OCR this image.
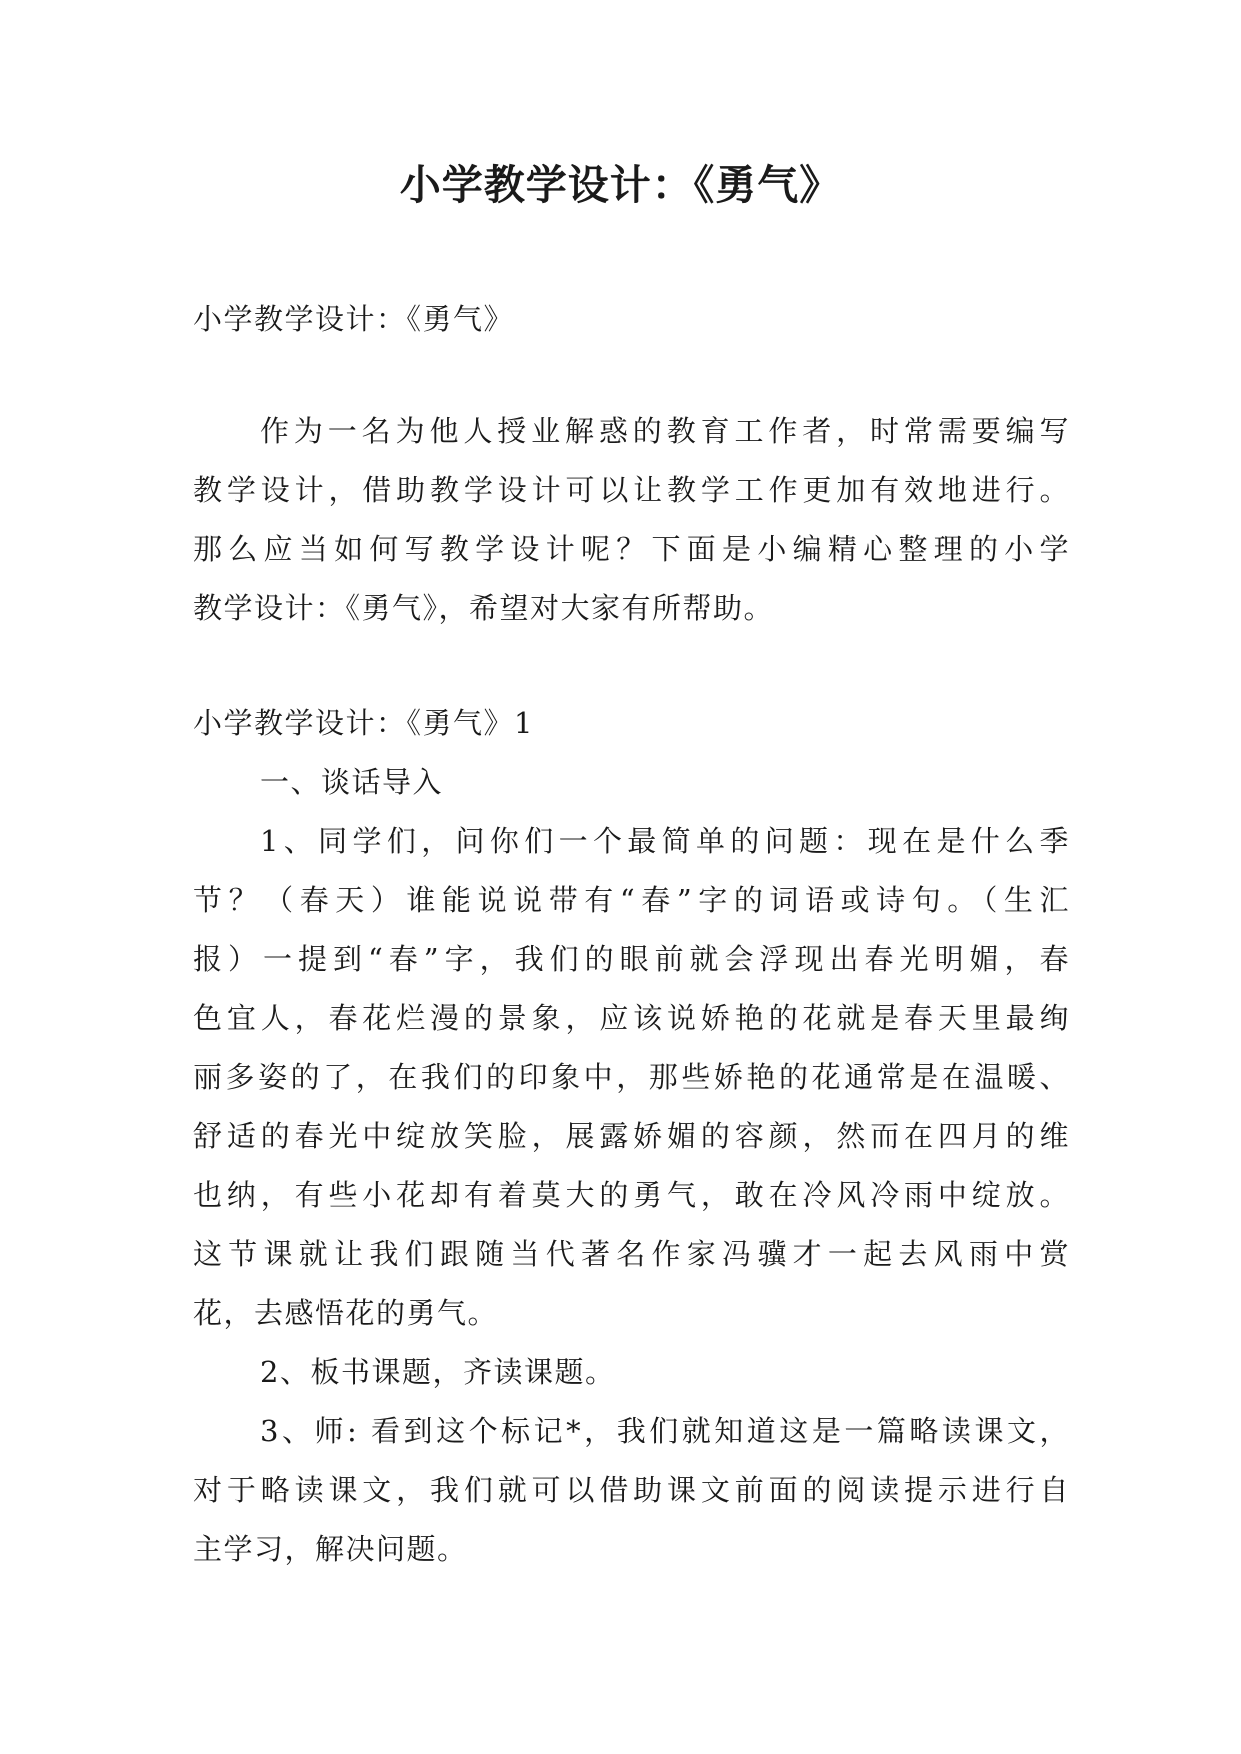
小学教学设计：《勇气》
小学教学设计：《勇气》
作为一名为他人授业解惑的教育工作者，时常需要编写
教学设计，借助教学设计可以让教学工作更加有效地进行。
那么应当如何写教学设计呢？下面是小编精心整理的小学
教学设计：《勇气》，希望对大家有所帮助。
小学教学设计：《勇气》1
一、谈话导入
1、同学们，问你们一个最简单的问题：现在是什么季
节？（春天）谁能说说带有“春”字的词语或诗句。（生汇
报）一提到“春”字，我们的眼前就会浮现出春光明媚，春
色宜人，春花烂漫的景象，应该说娇艳的花就是春天里最绚
丽多姿的了，在我们的印象中，那些娇艳的花通常是在温暖、
舒适的春光中绽放笑脸，展露娇媚的容颜，然而在四月的维
也纳，有些小花却有着莫大的勇气，敢在冷风冷雨中绽放。
这节课就让我们跟随当代著名作家冯骥才一起去风雨中赏
花，去感悟花的勇气。
2、板书课题，齐读课题。
3、师: 看到这个标记*，我们就知道这是一篇略读课文，
对于略读课文，我们就可以借助课文前面的阅读提示进行自
主学习，解决问题。
